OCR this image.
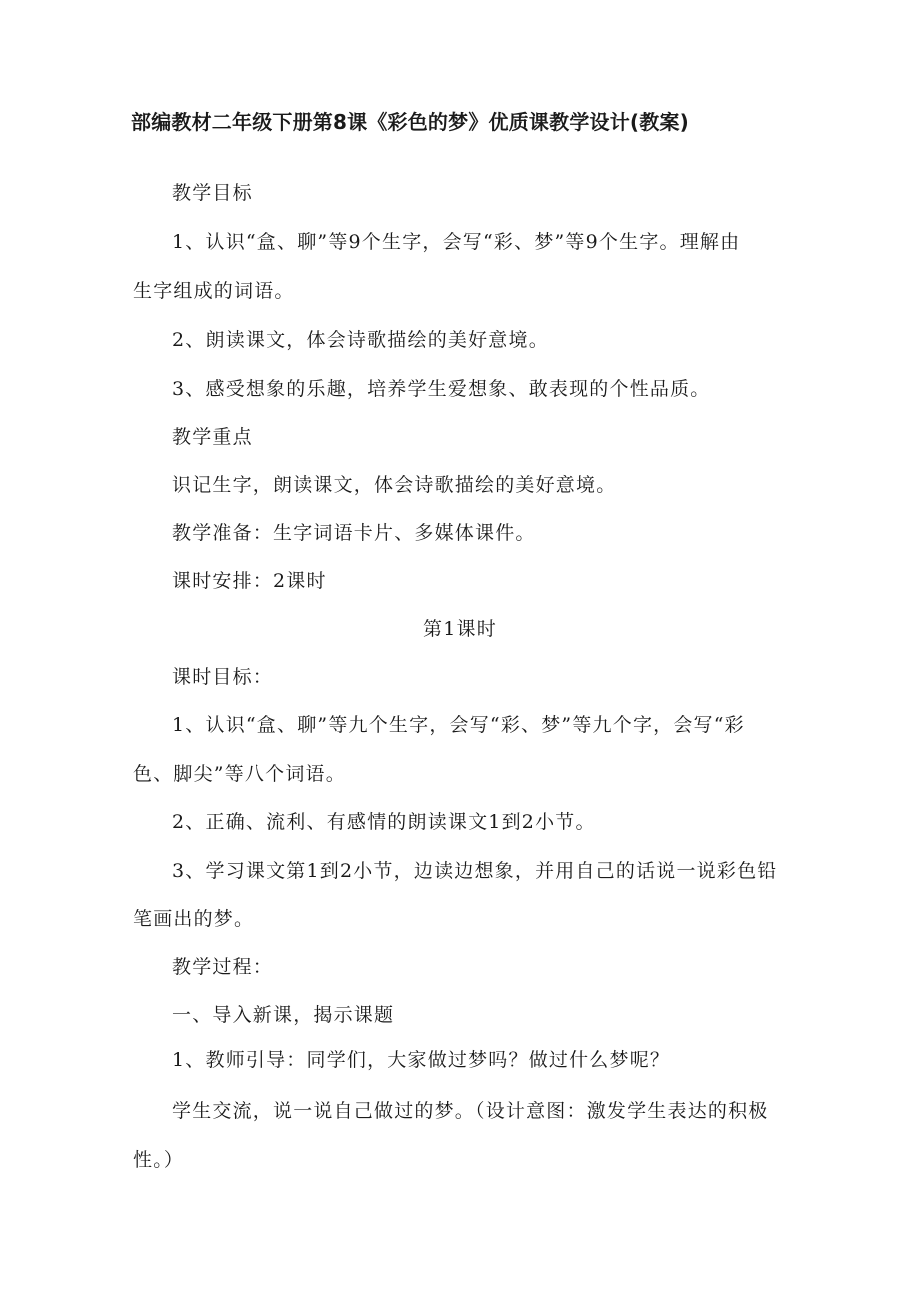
部编教材二年级下册第8课《彩色的梦》优质课教学设计(教案)

教学目标

1、认识“盒、聊”等9个生字，会写“彩、梦”等9个生字。理解由

生字组成的词语。

2、朗读课文，体会诗歌描绘的美好意境。

3、感受想象的乐趣，培养学生爱想象、敢表现的个性品质。

教学重点

识记生字，朗读课文，体会诗歌描绘的美好意境。

教学准备：生字词语卡片、多媒体课件。

课时安排：2课时

第1课时

课时目标：

1、认识“盒、聊”等九个生字，会写“彩、梦”等九个字，会写“彩

色、脚尖”等八个词语。

2、正确、流利、有感情的朗读课文1到2小节。

3、学习课文第1到2小节，边读边想象，并用自己的话说一说彩色铅

笔画出的梦。

教学过程：

一、导入新课，揭示课题

1、教师引导：同学们，大家做过梦吗？做过什么梦呢？

学生交流，说一说自己做过的梦。（设计意图：激发学生表达的积极

性。）
